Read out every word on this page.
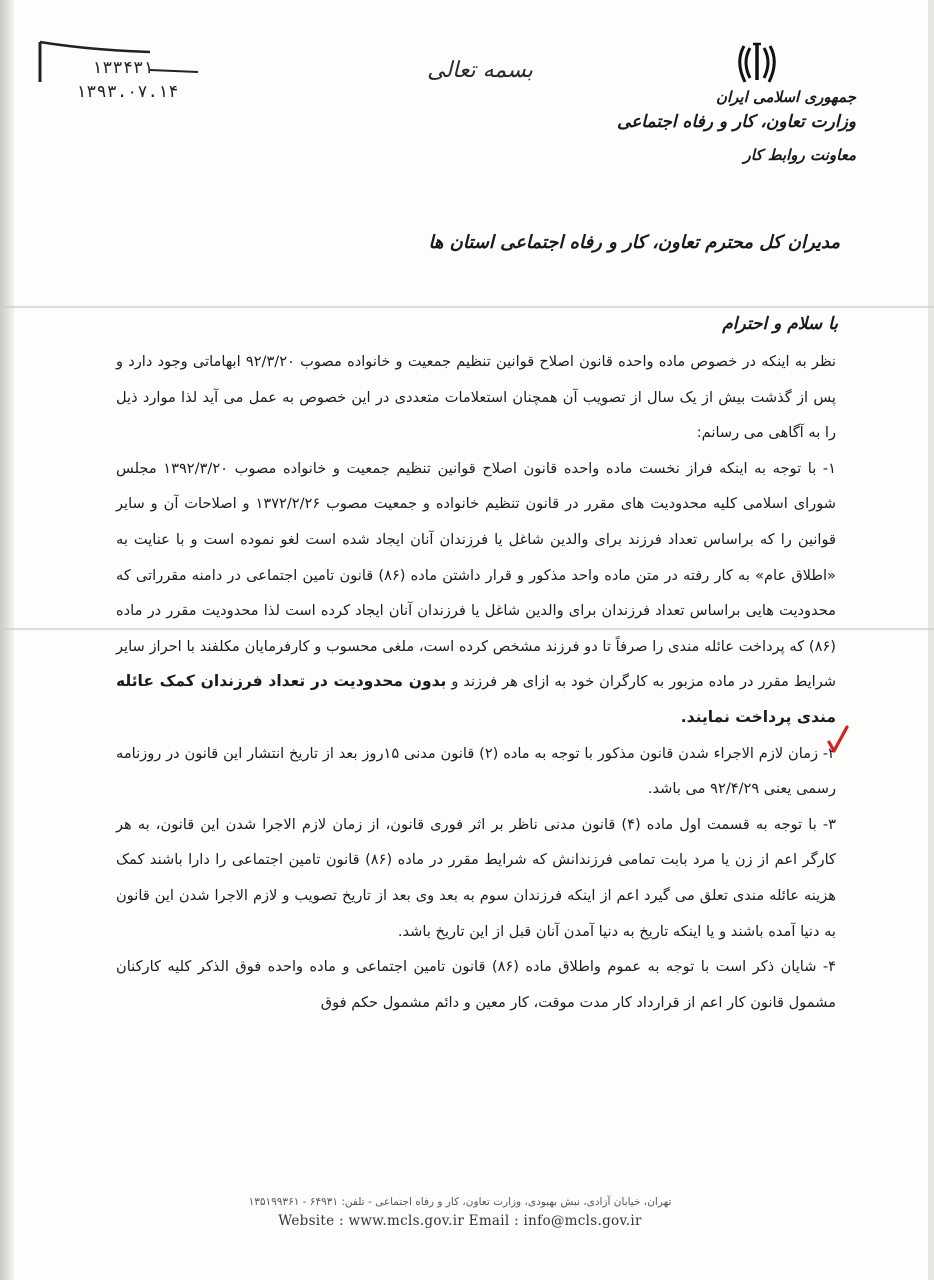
۱۳۳۴۳۱
۱۳۹۳.۰۷.۱۴
بسمه تعالی
جمهوری اسلامی ایران
وزارت تعاون، کار و رفاه اجتماعی
معاونت روابط کار
مدیران کل محترم تعاون، کار و رفاه اجتماعی استان ها
با سلام و احترام

نظر به اینکه در خصوص ماده واحده قانون اصلاح قوانین تنظیم جمعیت و خانواده مصوب ۹۲/۳/۲۰ ابهاماتی وجود دارد و پس از گذشت بیش از یک سال از تصویب آن همچنان استعلامات متعددی در این خصوص به عمل می آید لذا موارد ذیل را به آگاهی می رسانم:

۱- با توجه به اینکه فراز نخست ماده واحده قانون اصلاح قوانین تنظیم جمعیت و خانواده مصوب ۱۳۹۲/۳/۲۰ مجلس شورای اسلامی کلیه محدودیت های مقرر در قانون تنظیم خانواده و جمعیت مصوب ۱۳۷۲/۲/۲۶ و اصلاحات آن و سایر قوانین را که براساس تعداد فرزند برای والدین شاغل یا فرزندان آنان ایجاد شده است لغو نموده است و با عنایت به «اطلاق عام» به کار رفته در متن ماده واحد مذکور و قرار داشتن ماده (۸۶) قانون تامین اجتماعی در دامنه مقرراتی که محدودیت هایی براساس تعداد فرزندان برای والدین شاغل یا فرزندان آنان ایجاد کرده است لذا محدودیت مقرر در ماده (۸۶) که پرداخت عائله مندی را صرفاً تا دو فرزند مشخص کرده است، ملغی محسوب و کارفرمایان مکلفند با احراز سایر شرایط مقرر در ماده مزبور به کارگران خود به ازای هر فرزند و بدون محدودیت در تعداد فرزندان کمک عائله مندی پرداخت نمایند.

۲- زمان لازم الاجراء شدن قانون مذکور با توجه به ماده (۲) قانون مدنی ۱۵روز بعد از تاریخ انتشار این قانون در روزنامه رسمی یعنی ۹۲/۴/۲۹ می باشد.

۳- با توجه به قسمت اول ماده (۴) قانون مدنی ناظر بر اثر فوری قانون، از زمان لازم الاجرا شدن این قانون، به هر کارگر اعم از زن یا مرد بابت تمامی فرزندانش که شرایط مقرر در ماده (۸۶) قانون تامین اجتماعی را دارا باشند کمک هزینه عائله مندی تعلق می گیرد اعم از اینکه فرزندان سوم به بعد وی بعد از تاریخ تصویب و لازم الاجرا شدن این قانون به دنیا آمده باشند و یا اینکه تاریخ به دنیا آمدن آنان قبل از این تاریخ باشد.

۴- شایان ذکر است با توجه به عموم واطلاق ماده (۸۶) قانون تامین اجتماعی و ماده واحده فوق الذکر کلیه کارکنان مشمول قانون کار اعم از قرارداد کار مدت موقت، کار معین و دائم مشمول حکم فوق

تهران، خیابان آزادی، نبش بهبودی، وزارت تعاون، کار و رفاه اجتماعی - تلفن: ۶۴۹۳۱ - ۱۳۵۱۹۹۳۶۱
Website : www.mcls.gov.ir Email : info@mcls.gov.ir
